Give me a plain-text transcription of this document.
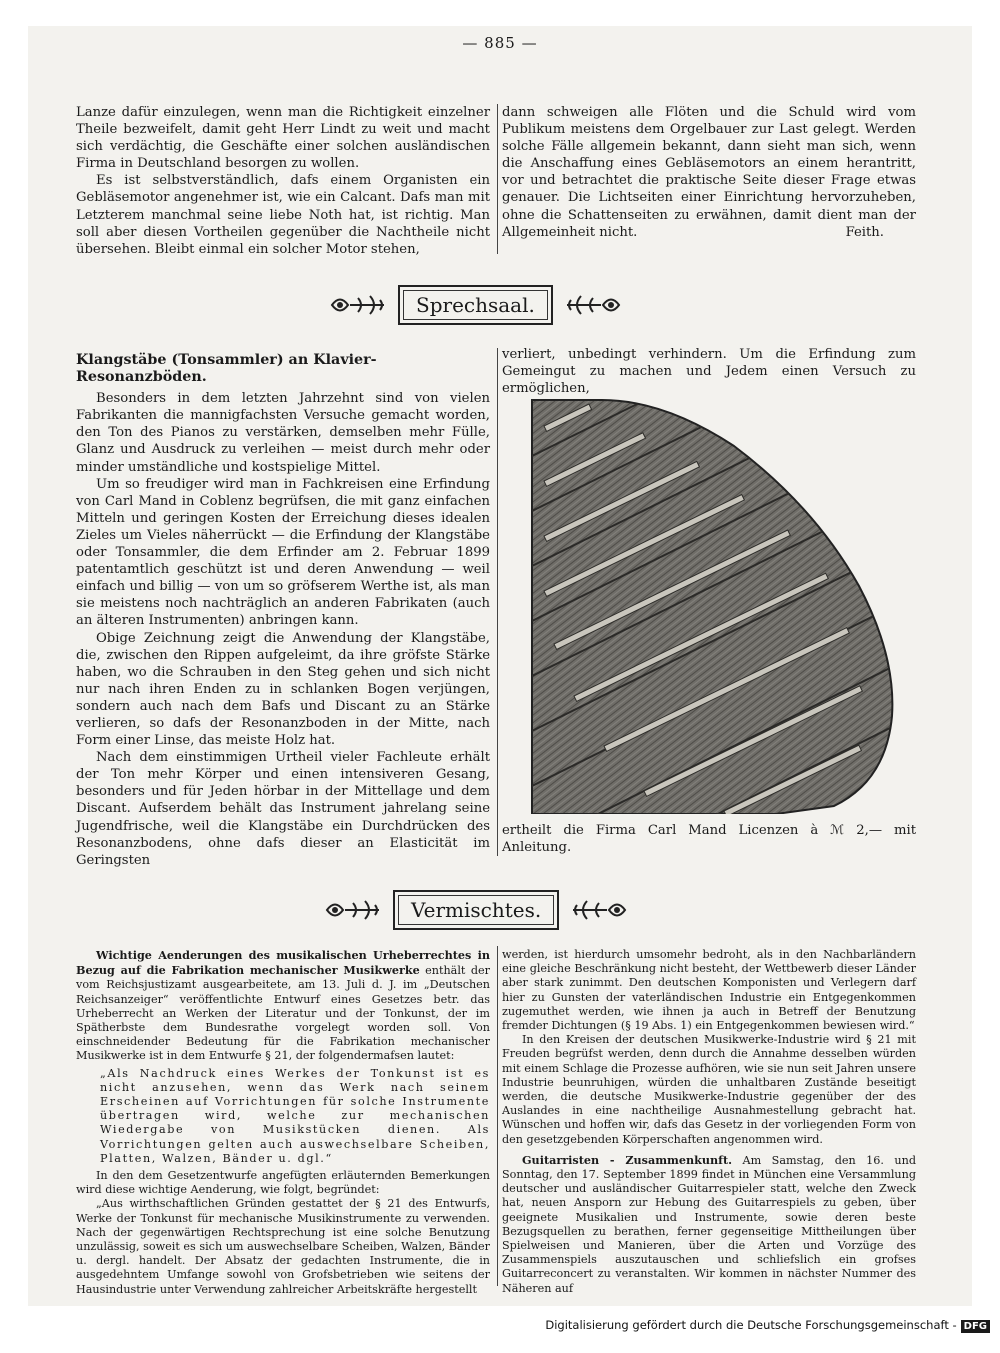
— 885 —

Lanze dafür einzulegen, wenn man die Richtigkeit einzelner Theile bezweifelt, damit geht Herr Lindt zu weit und macht sich verdächtig, die Geschäfte einer solchen ausländischen Firma in Deutschland besorgen zu wollen.

Es ist selbstverständlich, dafs einem Organisten ein Gebläsemotor angenehmer ist, wie ein Calcant. Dafs man mit Letzterem manchmal seine liebe Noth hat, ist richtig. Man soll aber diesen Vortheilen gegenüber die Nachtheile nicht übersehen. Bleibt einmal ein solcher Motor stehen,

dann schweigen alle Flöten und die Schuld wird vom Publikum meistens dem Orgelbauer zur Last gelegt. Werden solche Fälle allgemein bekannt, dann sieht man sich, wenn die Anschaffung eines Gebläsemotors an einem herantritt, vor und betrachtet die praktische Seite dieser Frage etwas genauer. Die Lichtseiten einer Einrichtung hervorzuheben, ohne die Schattenseiten zu erwähnen, damit dient man der Allgemeinheit nicht.	Feith.

Sprechsaal.

Klangstäbe (Tonsammler) an Klavier-Resonanzböden.

Besonders in dem letzten Jahrzehnt sind von vielen Fabrikanten die mannigfachsten Versuche gemacht worden, den Ton des Pianos zu verstärken, demselben mehr Fülle, Glanz und Ausdruck zu verleihen — meist durch mehr oder minder umständliche und kostspielige Mittel.

Um so freudiger wird man in Fachkreisen eine Erfindung von Carl Mand in Coblenz begrüfsen, die mit ganz einfachen Mitteln und geringen Kosten der Erreichung dieses idealen Zieles um Vieles näherrückt — die Erfindung der Klangstäbe oder Tonsammler, die dem Erfinder am 2. Februar 1899 patentamtlich geschützt ist und deren Anwendung — weil einfach und billig — von um so gröfserem Werthe ist, als man sie meistens noch nachträglich an anderen Fabrikaten (auch an älteren Instrumenten) anbringen kann.

Obige Zeichnung zeigt die Anwendung der Klangstäbe, die, zwischen den Rippen aufgeleimt, da ihre gröfste Stärke haben, wo die Schrauben in den Steg gehen und sich nicht nur nach ihren Enden zu in schlanken Bogen verjüngen, sondern auch nach dem Bafs und Discant zu an Stärke verlieren, so dafs der Resonanzboden in der Mitte, nach Form einer Linse, das meiste Holz hat.

Nach dem einstimmigen Urtheil vieler Fachleute erhält der Ton mehr Körper und einen intensiveren Gesang, besonders und für Jeden hörbar in der Mittellage und dem Discant. Aufserdem behält das Instrument jahrelang seine Jugendfrische, weil die Klangstäbe ein Durchdrücken des Resonanzbodens, ohne dafs dieser an Elasticität im Geringsten

verliert, unbedingt verhindern. Um die Erfindung zum Gemeingut zu machen und Jedem einen Versuch zu ermöglichen,

ertheilt die Firma Carl Mand Licenzen à ℳ 2,— mit Anleitung.

Vermischtes.

Wichtige Aenderungen des musikalischen Urheberrechtes in Bezug auf die Fabrikation mechanischer Musikwerke enthält der vom Reichsjustizamt ausgearbeitete, am 13. Juli d. J. im „Deutschen Reichsanzeiger“ veröffentlichte Entwurf eines Gesetzes betr. das Urheberrecht an Werken der Literatur und der Tonkunst, der im Spätherbste dem Bundesrathe vorgelegt worden soll. Von einschneidender Bedeutung für die Fabrikation mechanischer Musikwerke ist in dem Entwurfe § 21, der folgendermafsen lautet:

„Als Nachdruck eines Werkes der Tonkunst ist es nicht anzusehen, wenn das Werk nach seinem Erscheinen auf Vorrichtungen für solche Instrumente übertragen wird, welche zur mechanischen Wiedergabe von Musikstücken dienen. Als Vorrichtungen gelten auch auswechselbare Scheiben, Platten, Walzen, Bänder u. dgl.“

In den dem Gesetzentwurfe angefügten erläuternden Bemerkungen wird diese wichtige Aenderung, wie folgt, begründet:

„Aus wirthschaftlichen Gründen gestattet der § 21 des Entwurfs, Werke der Tonkunst für mechanische Musikinstrumente zu verwenden. Nach der gegenwärtigen Rechtsprechung ist eine solche Benutzung unzulässig, soweit es sich um auswechselbare Scheiben, Walzen, Bänder u. dergl. handelt. Der Absatz der gedachten Instrumente, die in ausgedehntem Umfange sowohl von Grofsbetrieben wie seitens der Hausindustrie unter Verwendung zahlreicher Arbeitskräfte hergestellt

werden, ist hierdurch umsomehr bedroht, als in den Nachbarländern eine gleiche Beschränkung nicht besteht, der Wettbewerb dieser Länder aber stark zunimmt. Den deutschen Komponisten und Verlegern darf hier zu Gunsten der vaterländischen Industrie ein Entgegenkommen zugemuthet werden, wie ihnen ja auch in Betreff der Benutzung fremder Dichtungen (§ 19 Abs. 1) ein Entgegenkommen bewiesen wird.“

In den Kreisen der deutschen Musikwerke-Industrie wird § 21 mit Freuden begrüfst werden, denn durch die Annahme desselben würden mit einem Schlage die Prozesse aufhören, wie sie nun seit Jahren unsere Industrie beunruhigen, würden die unhaltbaren Zustände beseitigt werden, die deutsche Musikwerke-Industrie gegenüber der des Auslandes in eine nachtheilige Ausnahmestellung gebracht hat. Wünschen und hoffen wir, dafs das Gesetz in der vorliegenden Form von den gesetzgebenden Körperschaften angenommen wird.

Guitarristen - Zusammenkunft. Am Samstag, den 16. und Sonntag, den 17. September 1899 findet in München eine Versammlung deutscher und ausländischer Guitarrespieler statt, welche den Zweck hat, neuen Ansporn zur Hebung des Guitarrespiels zu geben, über geeignete Musikalien und Instrumente, sowie deren beste Bezugsquellen zu berathen, ferner gegenseitige Mittheilungen über Spielweisen und Manieren, über die Arten und Vorzüge des Zusammenspiels auszutauschen und schliefslich ein grofses Guitarreconcert zu veranstalten. Wir kommen in nächster Nummer des Näheren auf

Digitalisierung gefördert durch die Deutsche Forschungsgemeinschaft - DFG
